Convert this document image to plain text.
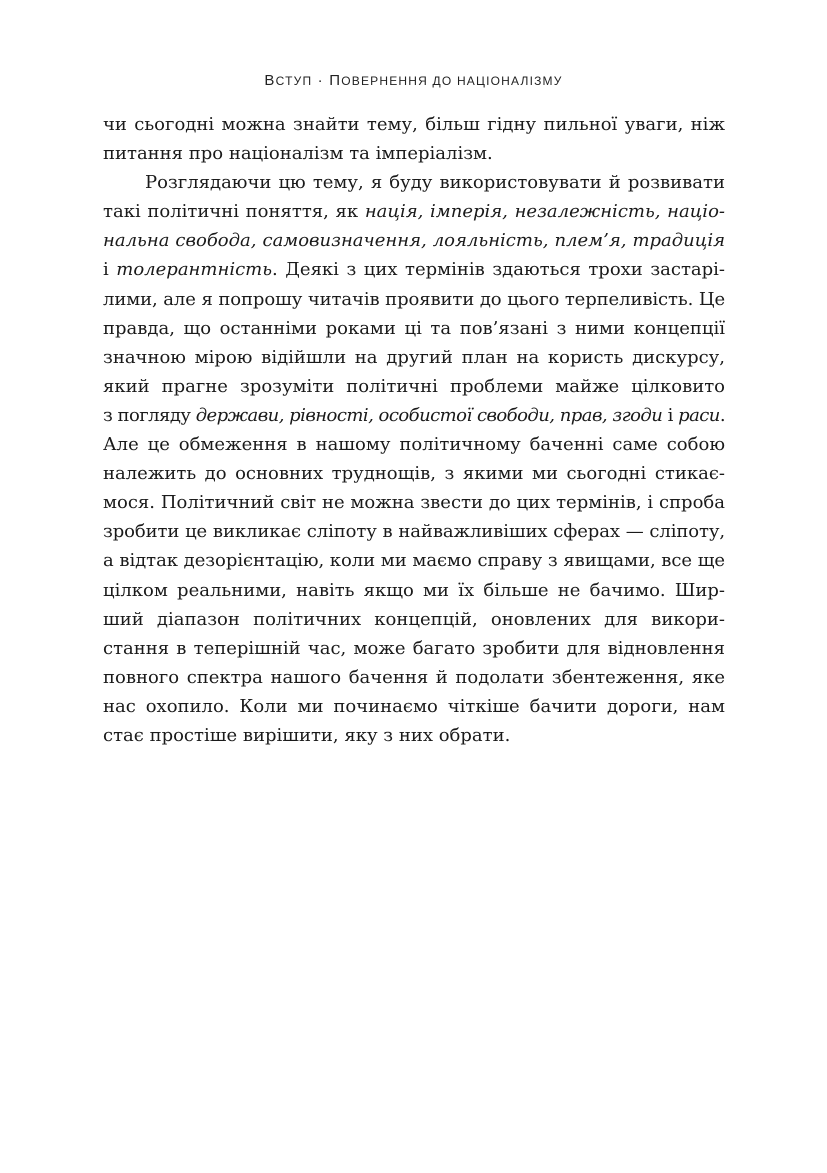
ВСТУП · ПОВЕРНЕННЯ ДО НАЦІОНАЛІЗМУ
чи сьогодні можна знайти тему, більш гідну пильної уваги, ніж
питання про націоналізм та імперіалізм.
Розглядаючи цю тему, я буду використовувати й розвивати
такі політичні поняття, як нація, імперія, незалежність, націо-
нальна свобода, самовизначення, лояльність, плем’я, традиція
і толерантність. Деякі з цих термінів здаються трохи застарі-
лими, але я попрошу читачів проявити до цього терпеливість. Це
правда, що останніми роками ці та пов’язані з ними концепції
значною мірою відійшли на другий план на користь дискурсу,
який прагне зрозуміти політичні проблеми майже цілковито
з погляду держави, рівності, особистої свободи, прав, згоди і раси.
Але це обмеження в нашому політичному баченні саме собою
належить до основних труднощів, з якими ми сьогодні стикає-
мося. Політичний світ не можна звести до цих термінів, і спроба
зробити це викликає сліпоту в найважливіших сферах — сліпоту,
а відтак дезорієнтацію, коли ми маємо справу з явищами, все ще
цілком реальними, навіть якщо ми їх більше не бачимо. Шир-
ший діапазон політичних концепцій, оновлених для викори-
стання в теперішній час, може багато зробити для відновлення
повного спектра нашого бачення й подолати збентеження, яке
нас охопило. Коли ми починаємо чіткіше бачити дороги, нам
стає простіше вирішити, яку з них обрати.
